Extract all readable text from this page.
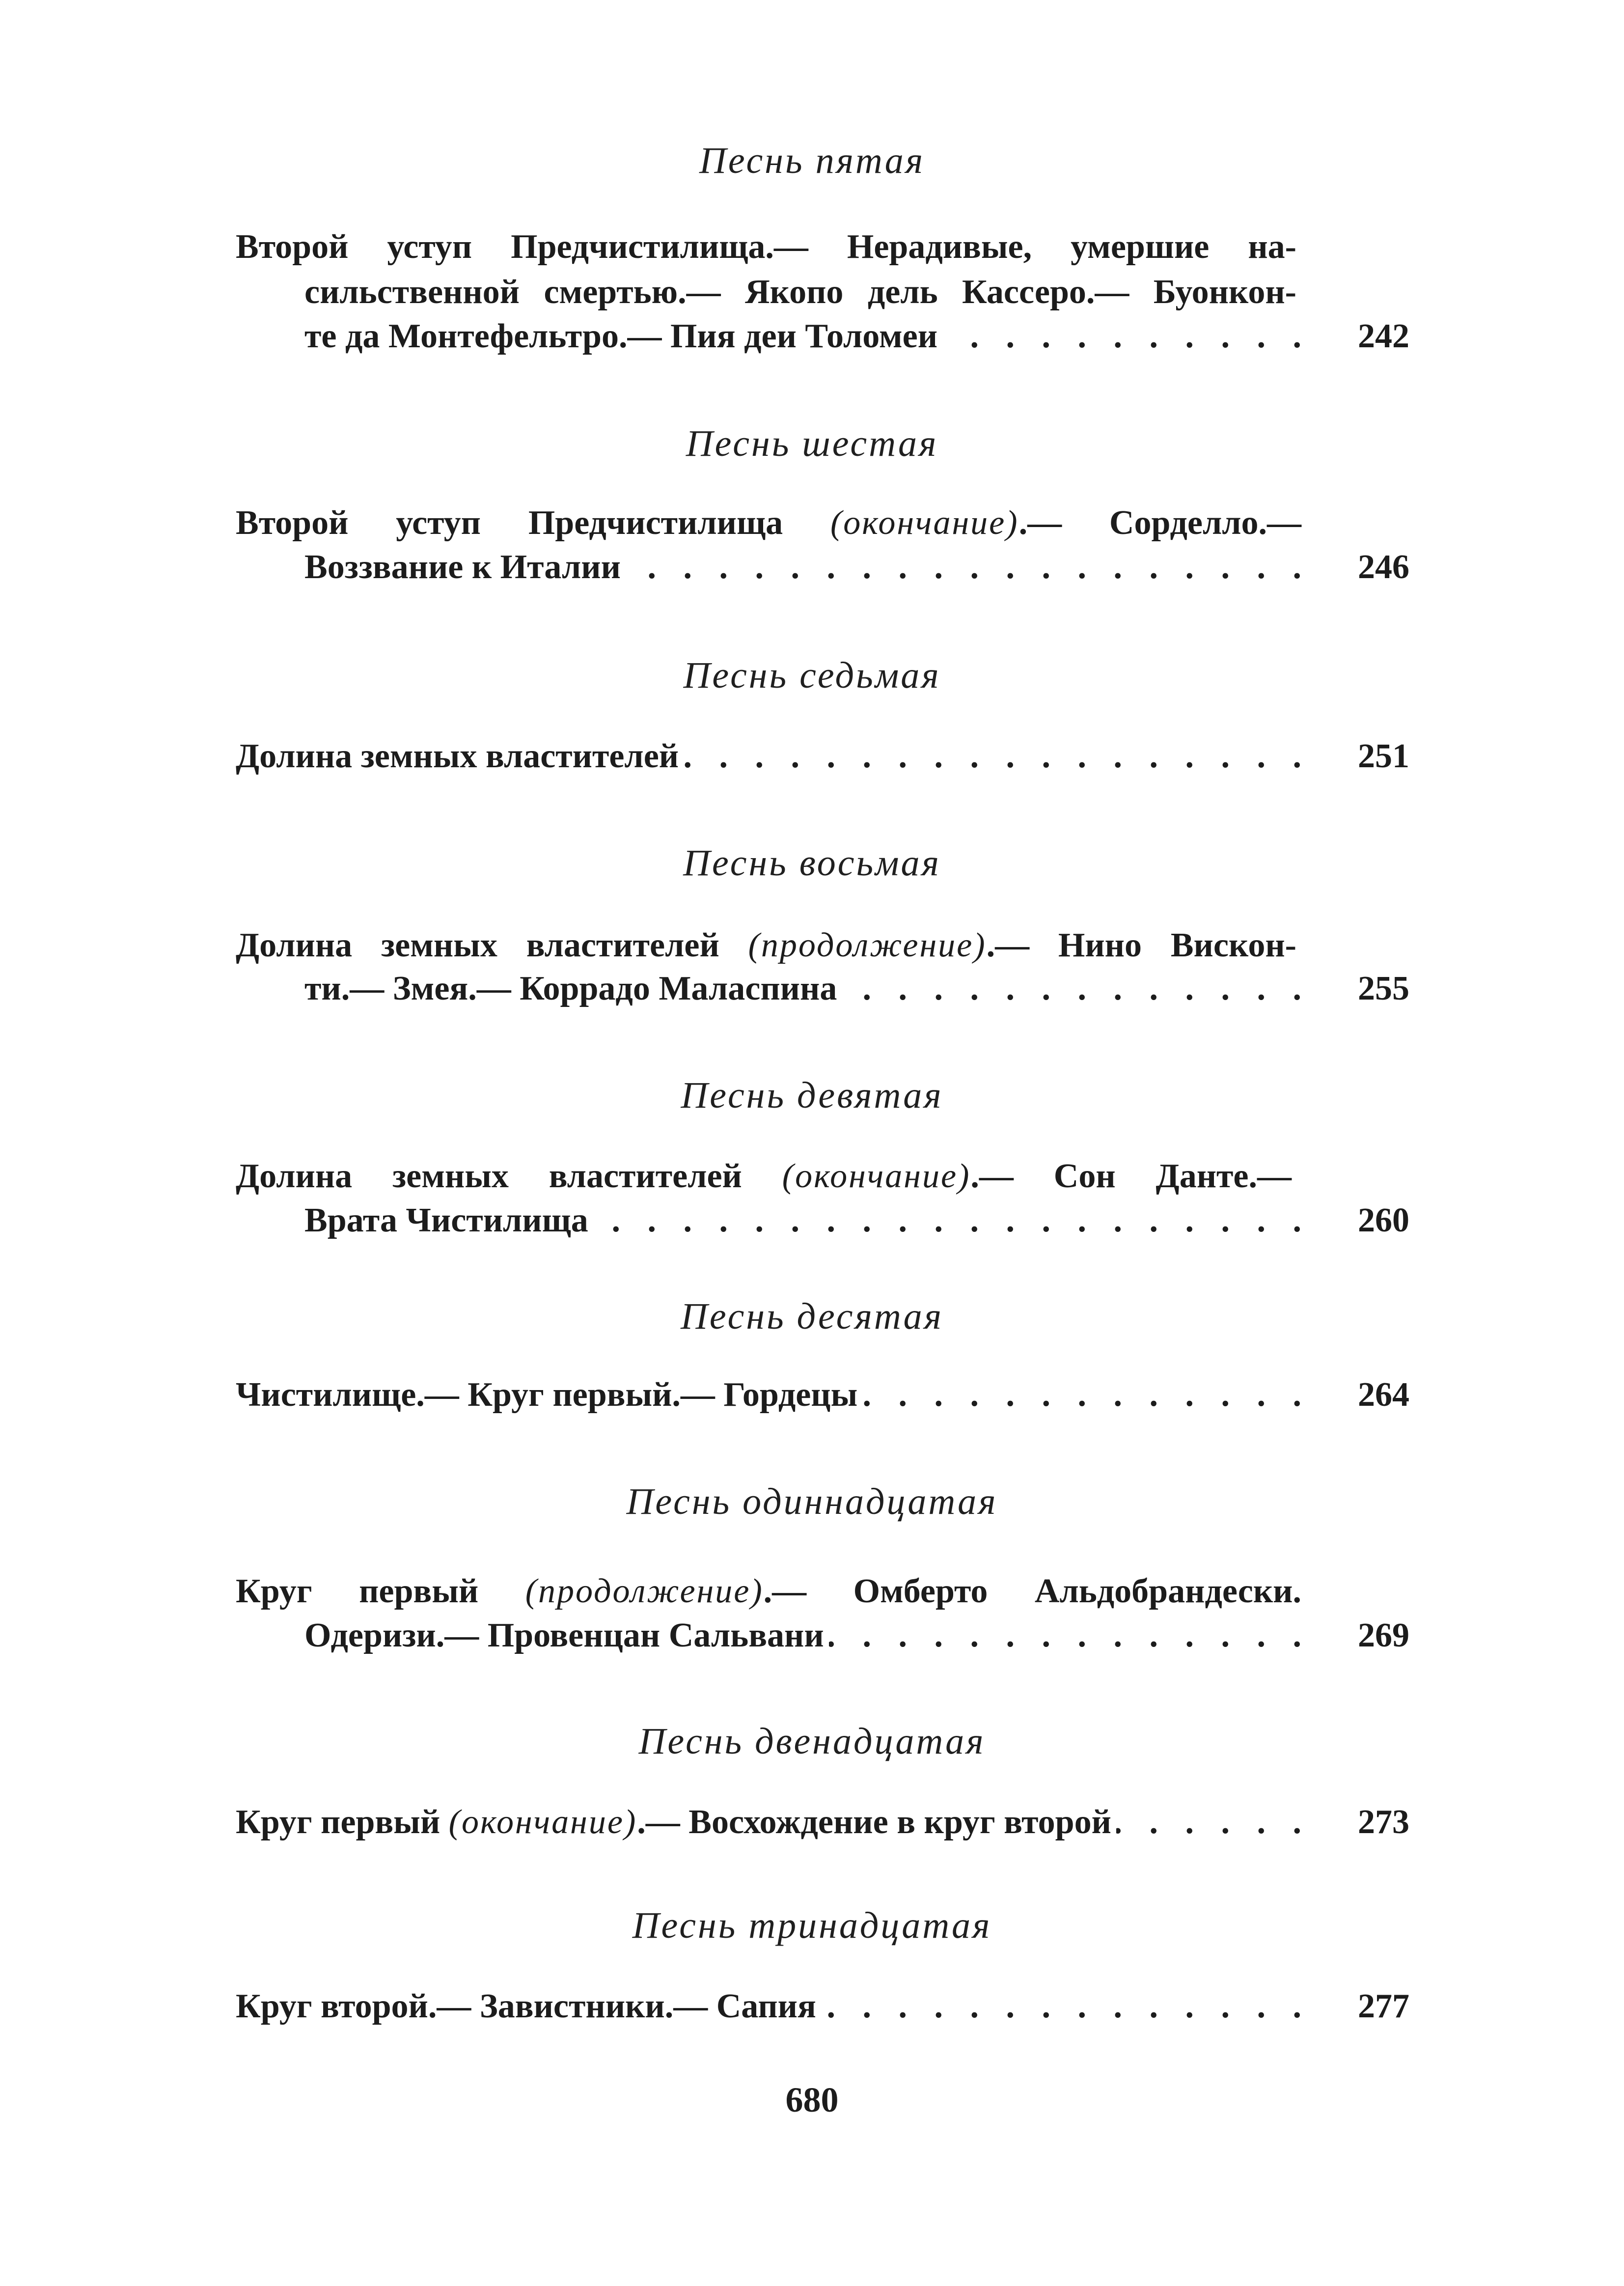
Песнь пятая
Второй уступ Предчистилища.— Нерадивые, умершие на-
сильственной смертью.— Якопо дель Кассеро.— Буонкон-
те да Монтефельтро.— Пия деи Толомеи . . .	242
Песнь шестая
Второй уступ Предчистилища (окончание).— Сорделло.—
Воззвание к Италии . . .	246
Песнь седьмая
Долина земных властителей . . .	251
Песнь восьмая
Долина земных властителей (продолжение).— Нино Вискон-
ти.— Змея.— Коррадо Маласпина . . .	255
Песнь девятая
Долина земных властителей (окончание).— Сон Данте.—
Врата Чистилища . . .	260
Песнь десятая
Чистилище.— Круг первый.— Гордецы . . .	264
Песнь одиннадцатая
Круг первый (продолжение).— Омберто Альдобрандески.
Одеризи.— Провенцан Сальвани . . .	269
Песнь двенадцатая
Круг первый (окончание).— Восхождение в круг второй . . .	273
Песнь тринадцатая
Круг второй.— Завистники.— Сапия . . .	277
680
